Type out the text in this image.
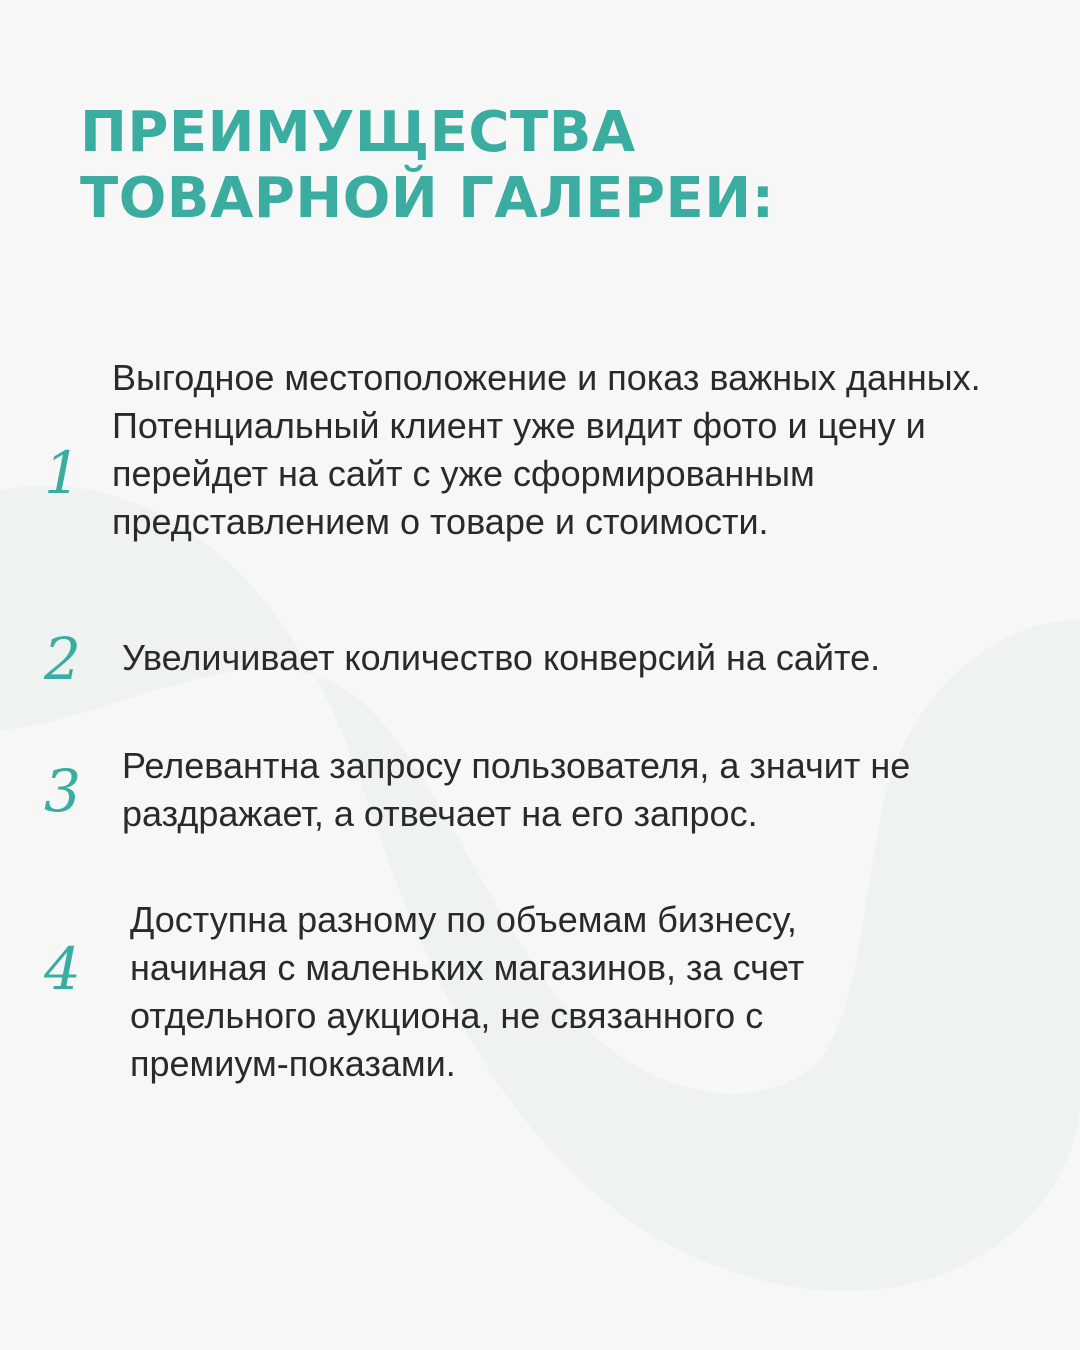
ПРЕИМУЩЕСТВА
ТОВАРНОЙ ГАЛЕРЕИ:
1

Выгодное местоположение и показ важных данных. Потенциальный клиент уже видит фото и цену и перейдет на сайт с уже сформированным представлением о товаре и стоимости.

2 Увеличивает количество конверсий на сайте.

3 Релевантна запросу пользователя, а значит не раздражает, а отвечает на его запрос.

4

Доступна разному по объемам бизнесу, начиная с маленьких магазинов, за счет отдельного аукциона, не связанного с премиум-показами.
